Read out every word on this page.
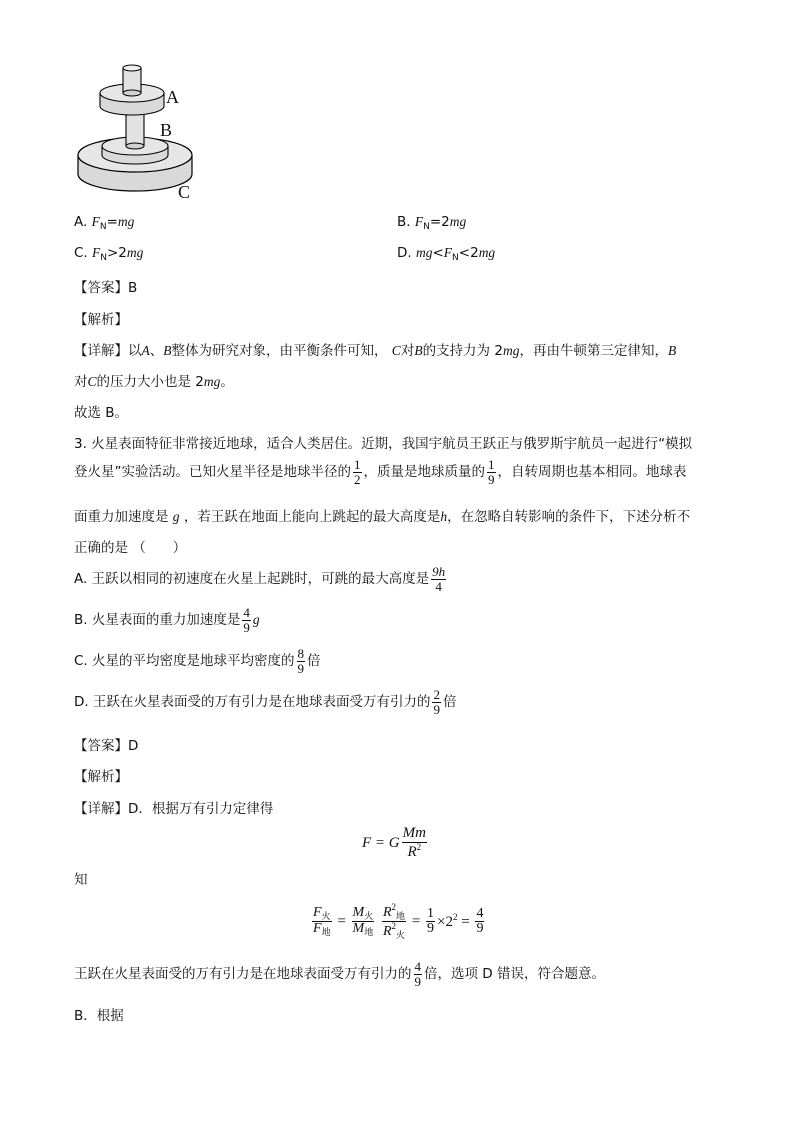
A
B
C
A. $F_N=mg$	B. $F_N=2mg$
C. $F_N>2mg$	D. $mg<F_N<2mg$
【答案】B
【解析】
【详解】以A、B整体为研究对象，由平衡条件可知， C对B的支持力为 2mg，再由牛顿第三定律知，B
对C的压力大小也是 2mg。
故选 B。
3. 火星表面特征非常接近地球，适合人类居住。近期，我国宇航员王跃正与俄罗斯宇航员一起进行“模拟
登火星”实验活动。已知火星半径是地球半径的 $\frac{1}{2}$ ，质量是地球质量的 $\frac{1}{9}$ ，自转周期也基本相同。地球表
面重力加速度是 g ，若王跃在地面上能向上跳起的最大高度是h，在忽略自转影响的条件下，下述分析不
正确的是 （　　）
A. 王跃以相同的初速度在火星上起跳时，可跳的最大高度是 $\frac{9h}{4}$
B. 火星表面的重力加速度是 $\frac{4}{9}$ g
C. 火星的平均密度是地球平均密度的 $\frac{8}{9}$ 倍
D. 王跃在火星表面受的万有引力是在地球表面受万有引力的 $\frac{2}{9}$ 倍
【答案】D
【解析】
【详解】D．根据万有引力定律得
F = G $\frac{Mm}{R^2}$
知
$\frac{F_火}{F_地} = \frac{M_火}{M_地}$
$\frac{R^2_地}{R^2_火} = \frac{1}{9} \times 2^2 = \frac{4}{9}$
王跃在火星表面受的万有引力是在地球表面受万有引力的 $\frac{4}{9}$ 倍，选项 D 错误，符合题意。
B．根据
